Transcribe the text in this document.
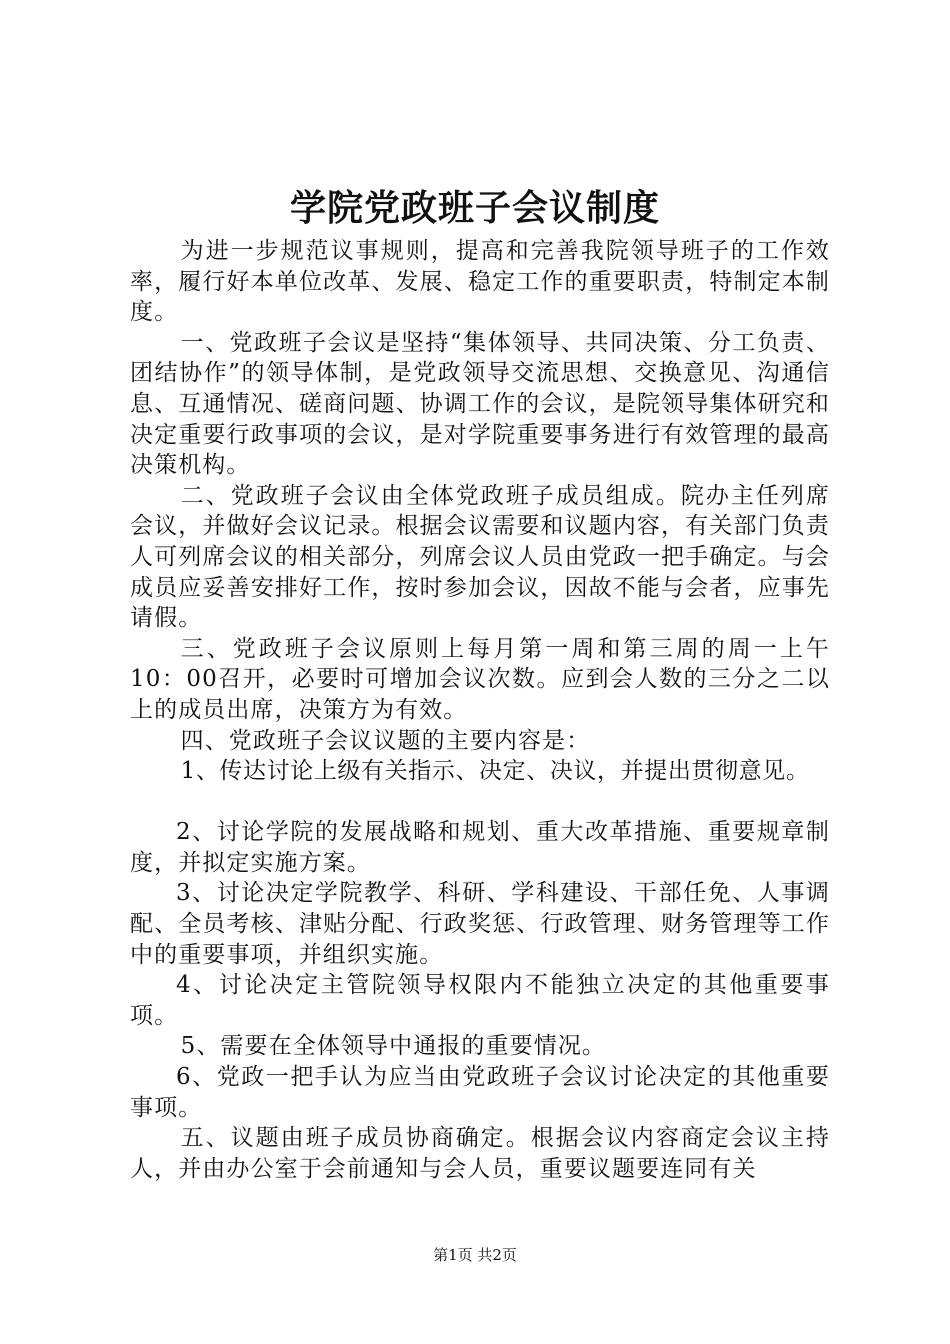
学院党政班子会议制度

为进一步规范议事规则，提高和完善我院领导班子的工作效率，履行好本单位改革、发展、稳定工作的重要职责，特制定本制度。

一、党政班子会议是坚持“集体领导、共同决策、分工负责、团结协作”的领导体制，是党政领导交流思想、交换意见、沟通信息、互通情况、磋商问题、协调工作的会议，是院领导集体研究和决定重要行政事项的会议，是对学院重要事务进行有效管理的最高决策机构。

二、党政班子会议由全体党政班子成员组成。院办主任列席会议，并做好会议记录。根据会议需要和议题内容，有关部门负责人可列席会议的相关部分，列席会议人员由党政一把手确定。与会成员应妥善安排好工作，按时参加会议，因故不能与会者，应事先请假。

三、党政班子会议原则上每月第一周和第三周的周一上午10：00召开，必要时可增加会议次数。应到会人数的三分之二以上的成员出席，决策方为有效。

四、党政班子会议议题的主要内容是：

1、传达讨论上级有关指示、决定、决议，并提出贯彻意见。

2、讨论学院的发展战略和规划、重大改革措施、重要规章制度，并拟定实施方案。

3、讨论决定学院教学、科研、学科建设、干部任免、人事调配、全员考核、津贴分配、行政奖惩、行政管理、财务管理等工作中的重要事项，并组织实施。

4、讨论决定主管院领导权限内不能独立决定的其他重要事项。

5、需要在全体领导中通报的重要情况。

6、党政一把手认为应当由党政班子会议讨论决定的其他重要事项。

五、议题由班子成员协商确定。根据会议内容商定会议主持人，并由办公室于会前通知与会人员，重要议题要连同有关

第1页 共2页
